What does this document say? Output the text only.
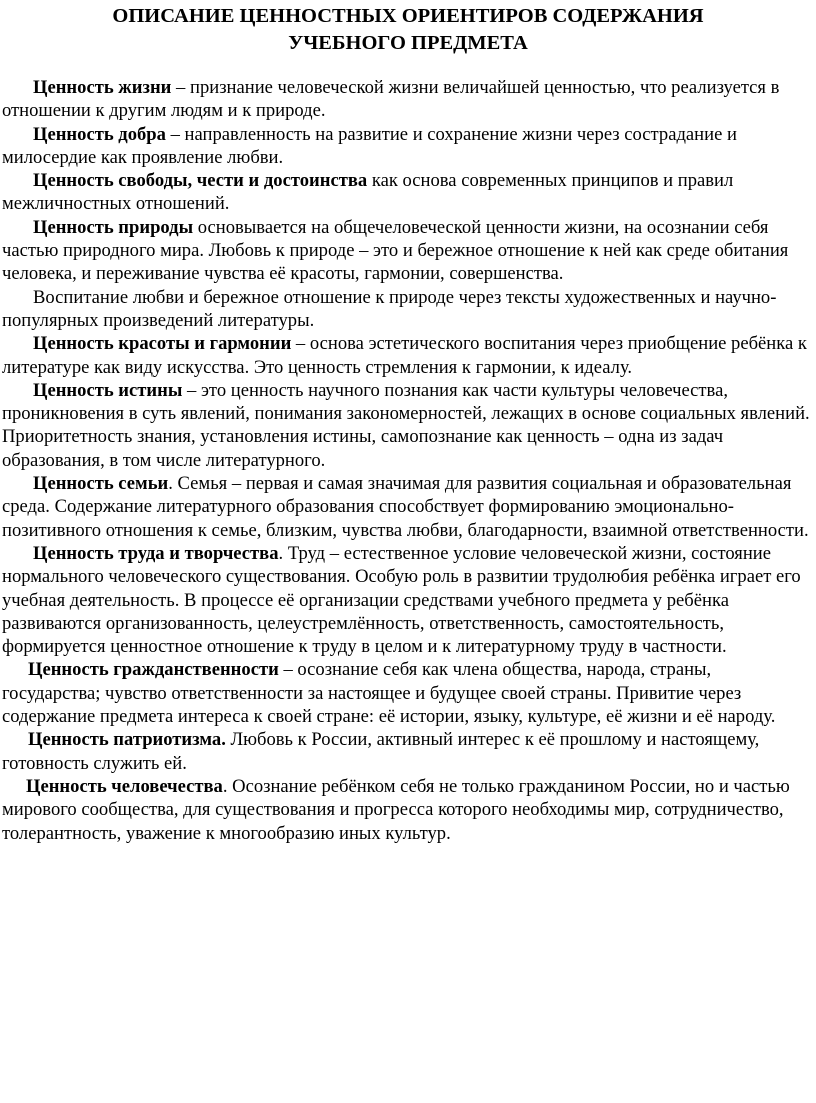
ОПИСАНИЕ ЦЕННОСТНЫХ ОРИЕНТИРОВ СОДЕРЖАНИЯ
УЧЕБНОГО ПРЕДМЕТА

Ценность жизни – признание человеческой жизни величайшей ценностью, что реализуется в отношении к другим людям и к природе.

Ценность добра – направленность на развитие и сохранение жизни через сострадание и милосердие как проявление любви.

Ценность свободы, чести и достоинства как основа современных принципов и правил межличностных отношений.

Ценность природы основывается на общечеловеческой ценности жизни, на осознании себя частью природного мира. Любовь к природе – это и бережное отношение к ней как среде обитания человека, и переживание чувства её красоты, гармонии, совершенства.

Воспитание любви и бережное отношение к природе через тексты художественных и научно-популярных произведений литературы.

Ценность красоты и гармонии – основа эстетического воспитания через приобщение ребёнка к литературе как виду искусства. Это ценность стремления к гармонии, к идеалу.

Ценность истины – это ценность научного познания как части культуры человечества, проникновения в суть явлений, понимания закономерностей, лежащих в основе социальных явлений. Приоритетность знания, установления истины, самопознание как ценность – одна из задач образования, в том числе литературного.

Ценность семьи. Семья – первая и самая значимая для развития социальная и образовательная среда. Содержание литературного образования способствует формированию эмоционально-позитивного отношения к семье, близким, чувства любви, благодарности, взаимной ответственности.

Ценность труда и творчества. Труд – естественное условие человеческой жизни, состояние нормального человеческого существования. Особую роль в развитии трудолюбия ребёнка играет его учебная деятельность. В процессе её организации средствами учебного предмета у ребёнка развиваются организованность, целеустремлённость, ответственность, самостоятельность, формируется ценностное отношение к труду в целом и к литературному труду в частности.

Ценность гражданственности – осознание себя как члена общества, народа, страны, государства; чувство ответственности за настоящее и будущее своей страны. Привитие через содержание предмета интереса к своей стране: её истории, языку, культуре, её жизни и её народу.

Ценность патриотизма. Любовь к России, активный интерес к её прошлому и настоящему, готовность служить ей.

Ценность человечества. Осознание ребёнком себя не только гражданином России, но и частью мирового сообщества, для существования и прогресса которого необходимы мир, сотрудничество, толерантность, уважение к многообразию иных культур.
